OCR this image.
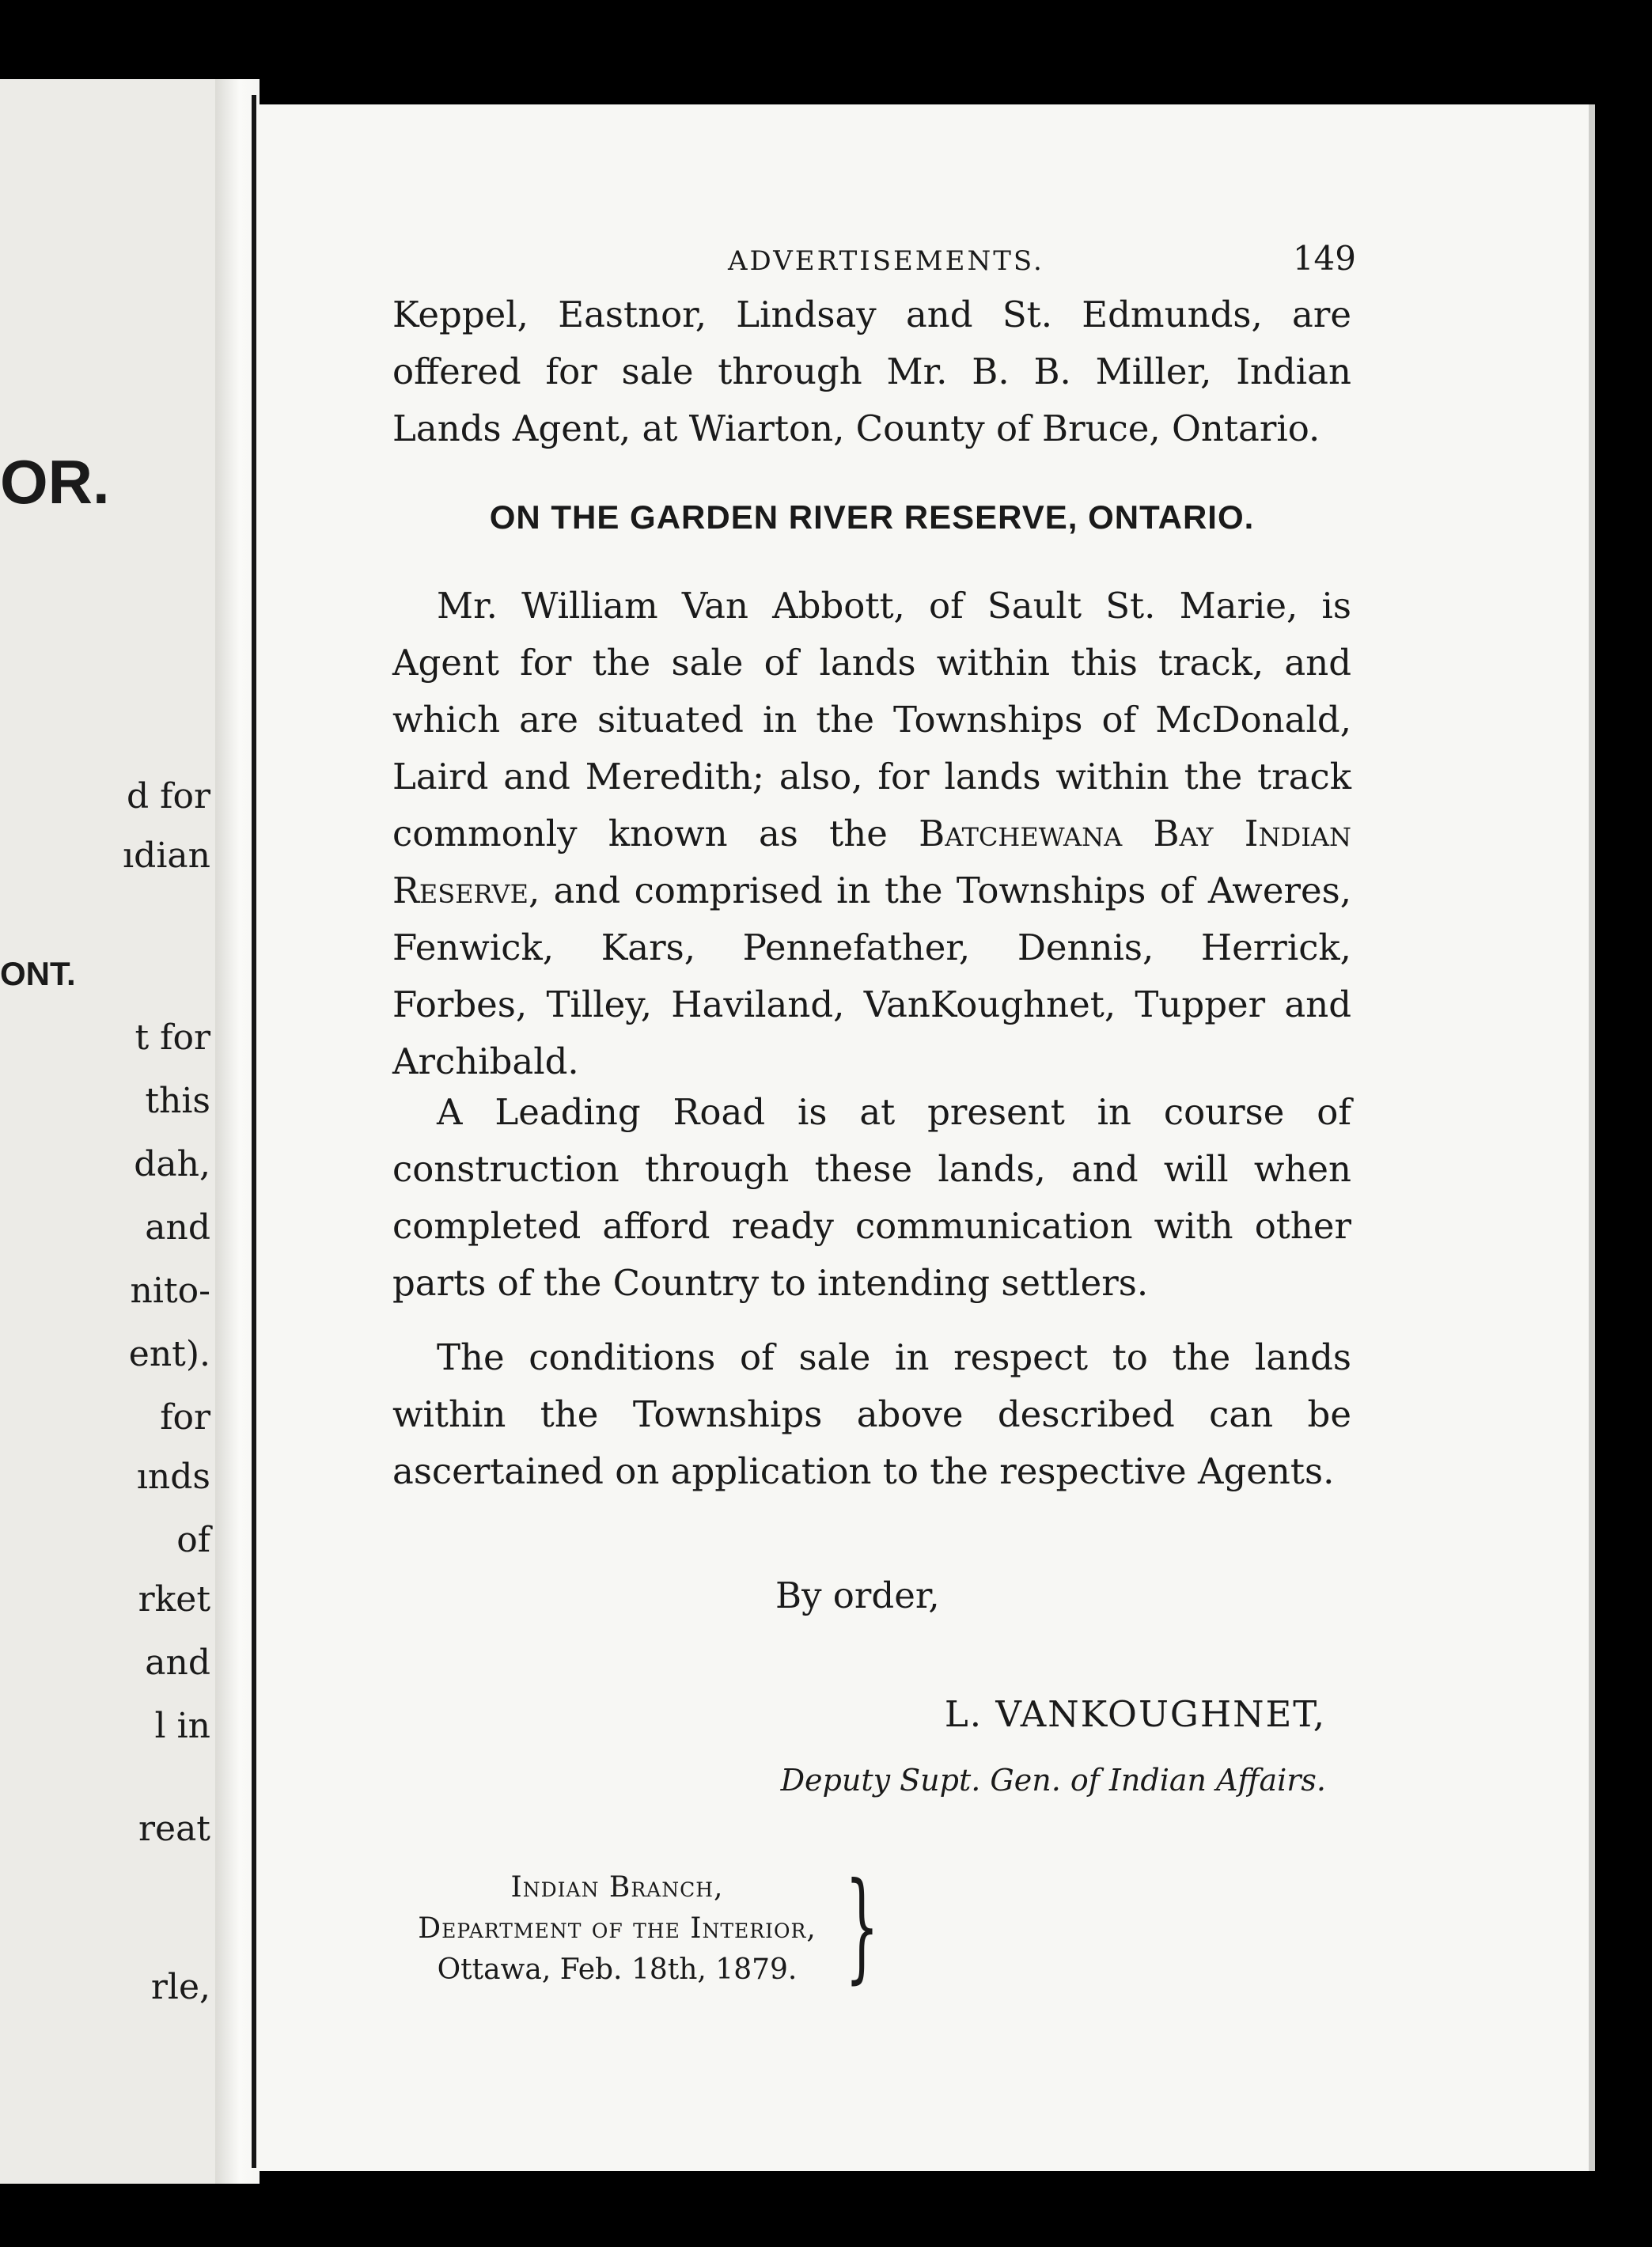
OR.
d for
ıdian
ONT.
t for
this
dah,
and
nito-
ent).
for
ınds
of
rket
and
l in
reat
rle,
ADVERTISEMENTS.	149

Keppel, Eastnor, Lindsay and St. Edmunds, are offered for sale through Mr. B. B. Miller, Indian Lands Agent, at Wiarton, County of Bruce, Ontario.

ON THE GARDEN RIVER RESERVE, ONTARIO.

Mr. William Van Abbott, of Sault St. Marie, is Agent for the sale of lands within this track, and which are situated in the Townships of McDonald, Laird and Meredith; also, for lands within the track commonly known as the Batchewana Bay Indian Reserve, and comprised in the Townships of Aweres, Fenwick, Kars, Pennefather, Dennis, Herrick, Forbes, Tilley, Haviland, VanKoughnet, Tupper and Archibald.

A Leading Road is at present in course of construction through these lands, and will when completed afford ready communication with other parts of the Country to intending settlers.

The conditions of sale in respect to the lands within the Townships above described can be ascertained on application to the respective Agents.

By order,
L. VANKOUGHNET,
Deputy Supt. Gen. of Indian Affairs.
Indian Branch,
Department of the Interior,
Ottawa, Feb. 18th, 1879. }
